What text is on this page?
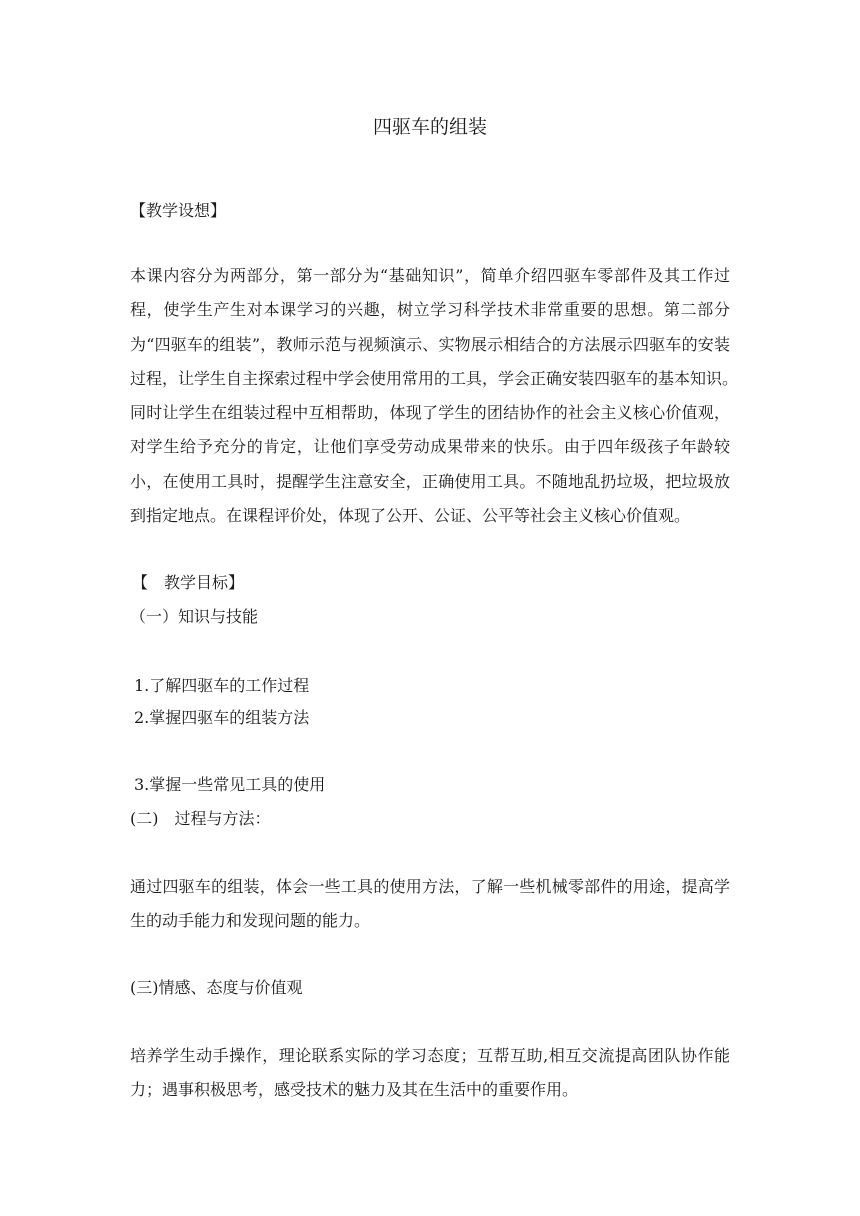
四驱车的组装
【教学设想】
本课内容分为两部分，第一部分为“基础知识”，简单介绍四驱车零部件及其工作过程，使学生产生对本课学习的兴趣，树立学习科学技术非常重要的思想。第二部分为“四驱车的组装”，教师示范与视频演示、实物展示相结合的方法展示四驱车的安装过程，让学生自主探索过程中学会使用常用的工具，学会正确安装四驱车的基本知识。　同时让学生在组装过程中互相帮助，体现了学生的团结协作的社会主义核心价值观，对学生给予充分的肯定，让他们享受劳动成果带来的快乐。由于四年级孩子年龄较小，在使用工具时，提醒学生注意安全，正确使用工具。不随地乱扔垃圾，把垃圾放到指定地点。在课程评价处，体现了公开、公证、公平等社会主义核心价值观。
【　教学目标】
（一）知识与技能
1.了解四驱车的工作过程
2.掌握四驱车的组装方法
3.掌握一些常见工具的使用
(二)　过程与方法：
通过四驱车的组装，体会一些工具的使用方法，了解一些机械零部件的用途，提高学生的动手能力和发现问题的能力。
(三)情感、态度与价值观
培养学生动手操作，理论联系实际的学习态度；互帮互助,相互交流提高团队协作能力；遇事积极思考，感受技术的魅力及其在生活中的重要作用。
